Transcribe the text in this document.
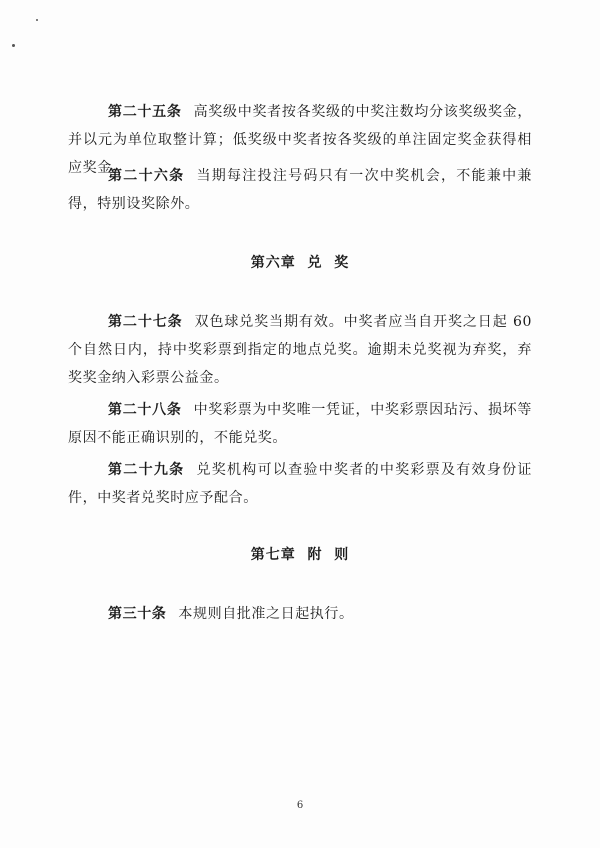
第二十五条 高奖级中奖者按各奖级的中奖注数均分该奖级奖金，并以元为单位取整计算；低奖级中奖者按各奖级的单注固定奖金获得相应奖金。

第二十六条 当期每注投注号码只有一次中奖机会，不能兼中兼得，特别设奖除外。

第六章  兑  奖

第二十七条 双色球兑奖当期有效。中奖者应当自开奖之日起 60 个自然日内，持中奖彩票到指定的地点兑奖。逾期未兑奖视为弃奖，弃奖奖金纳入彩票公益金。

第二十八条 中奖彩票为中奖唯一凭证，中奖彩票因玷污、损坏等原因不能正确识别的，不能兑奖。

第二十九条 兑奖机构可以查验中奖者的中奖彩票及有效身份证件，中奖者兑奖时应予配合。

第七章  附  则

第三十条 本规则自批准之日起执行。

6
